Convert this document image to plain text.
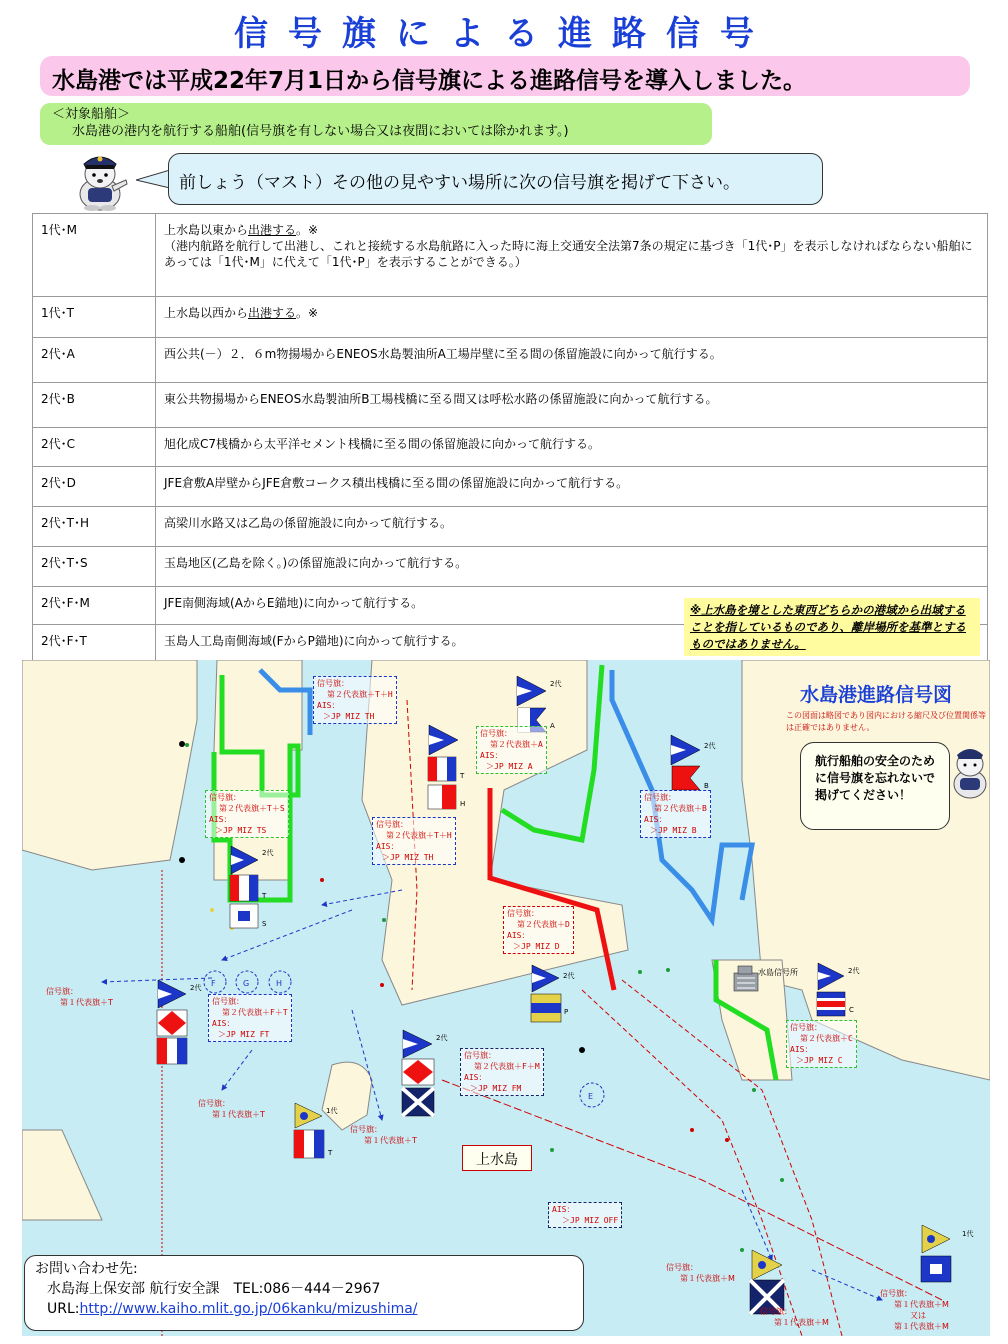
信号旗による進路信号
水島港では平成22年7月1日から信号旗による進路信号を導入しました。
＜対象船舶＞
水島港の港内を航行する船舶(信号旗を有しない場合又は夜間においては除かれます。)
前しょう（マスト）その他の見やすい場所に次の信号旗を掲げて下さい。
1代･M	上水島以東から出港する。※
（港内航路を航行して出港し、これと接続する水島航路に入った時に海上交通安全法第7条の規定に基づき「1代･P」を表示しなければならない船舶にあっては「1代･M」に代えて「1代･P」を表示することができる。）
1代･T	上水島以西から出港する。※
2代･A	西公共(－）２．６m物揚場からENEOS水島製油所A工場岸壁に至る間の係留施設に向かって航行する。
2代･B	東公共物揚場からENEOS水島製油所B工場桟橋に至る間又は呼松水路の係留施設に向かって航行する。
2代･C	旭化成C7桟橋から太平洋セメント桟橋に至る間の係留施設に向かって航行する。
2代･D	JFE倉敷A岸壁からJFE倉敷コークス積出桟橋に至る間の係留施設に向かって航行する。
2代･T･H	高梁川水路又は乙島の係留施設に向かって航行する。
2代･T･S	玉島地区(乙島を除く。)の係留施設に向かって航行する。
2代･F･M	JFE南側海域(AからE錨地)に向かって航行する。
2代･F･T	玉島人工島南側海域(FからP錨地)に向かって航行する。
※上水島を境とした東西どちらかの港域から出域することを指しているものであり、離岸場所を基準とするものではありません。
F	G	H
E
T
H
2代
A
2代
B
2代
T
S
2代
2代
1代
T
2代
P
2代
C
1代
水島港進路信号図
この図面は略図であり図内における縮尺及び位置関係等は正確ではありません。
航行船舶の安全のために信号旗を忘れないで掲げてください！
上水島
水島信号所
信号旗：
第２代表旗＋T＋H
AIS：
＞JP MIZ TH
信号旗：
第２代表旗＋A
AIS：
＞JP MIZ A
信号旗：
第２代表旗＋B
AIS：
＞JP MIZ B
信号旗：
第２代表旗＋T＋S
AIS：
＞JP MIZ TS
信号旗：
第２代表旗＋T＋H
AIS：
＞JP MIZ TH
信号旗：
第２代表旗＋D
AIS：
＞JP MIZ D
信号旗：
第２代表旗＋F＋T
AIS：
＞JP MIZ FT
信号旗：
第２代表旗＋F＋M
AIS：
＞JP MIZ FM
信号旗：
第２代表旗＋C
AIS：
＞JP MIZ C
AIS：
＞JP MIZ OFF
信号旗：
第１代表旗＋T
信号旗：
第１代表旗＋T
信号旗：
第１代表旗＋T
信号旗：
第１代表旗＋M
信号旗：
第１代表旗＋M
又は
第１代表旗＋M
信号旗：
第１代表旗＋M
お問い合わせ先:
水島海上保安部 航行安全課　TEL:086－444－2967
URL:http://www.kaiho.mlit.go.jp/06kanku/mizushima/
